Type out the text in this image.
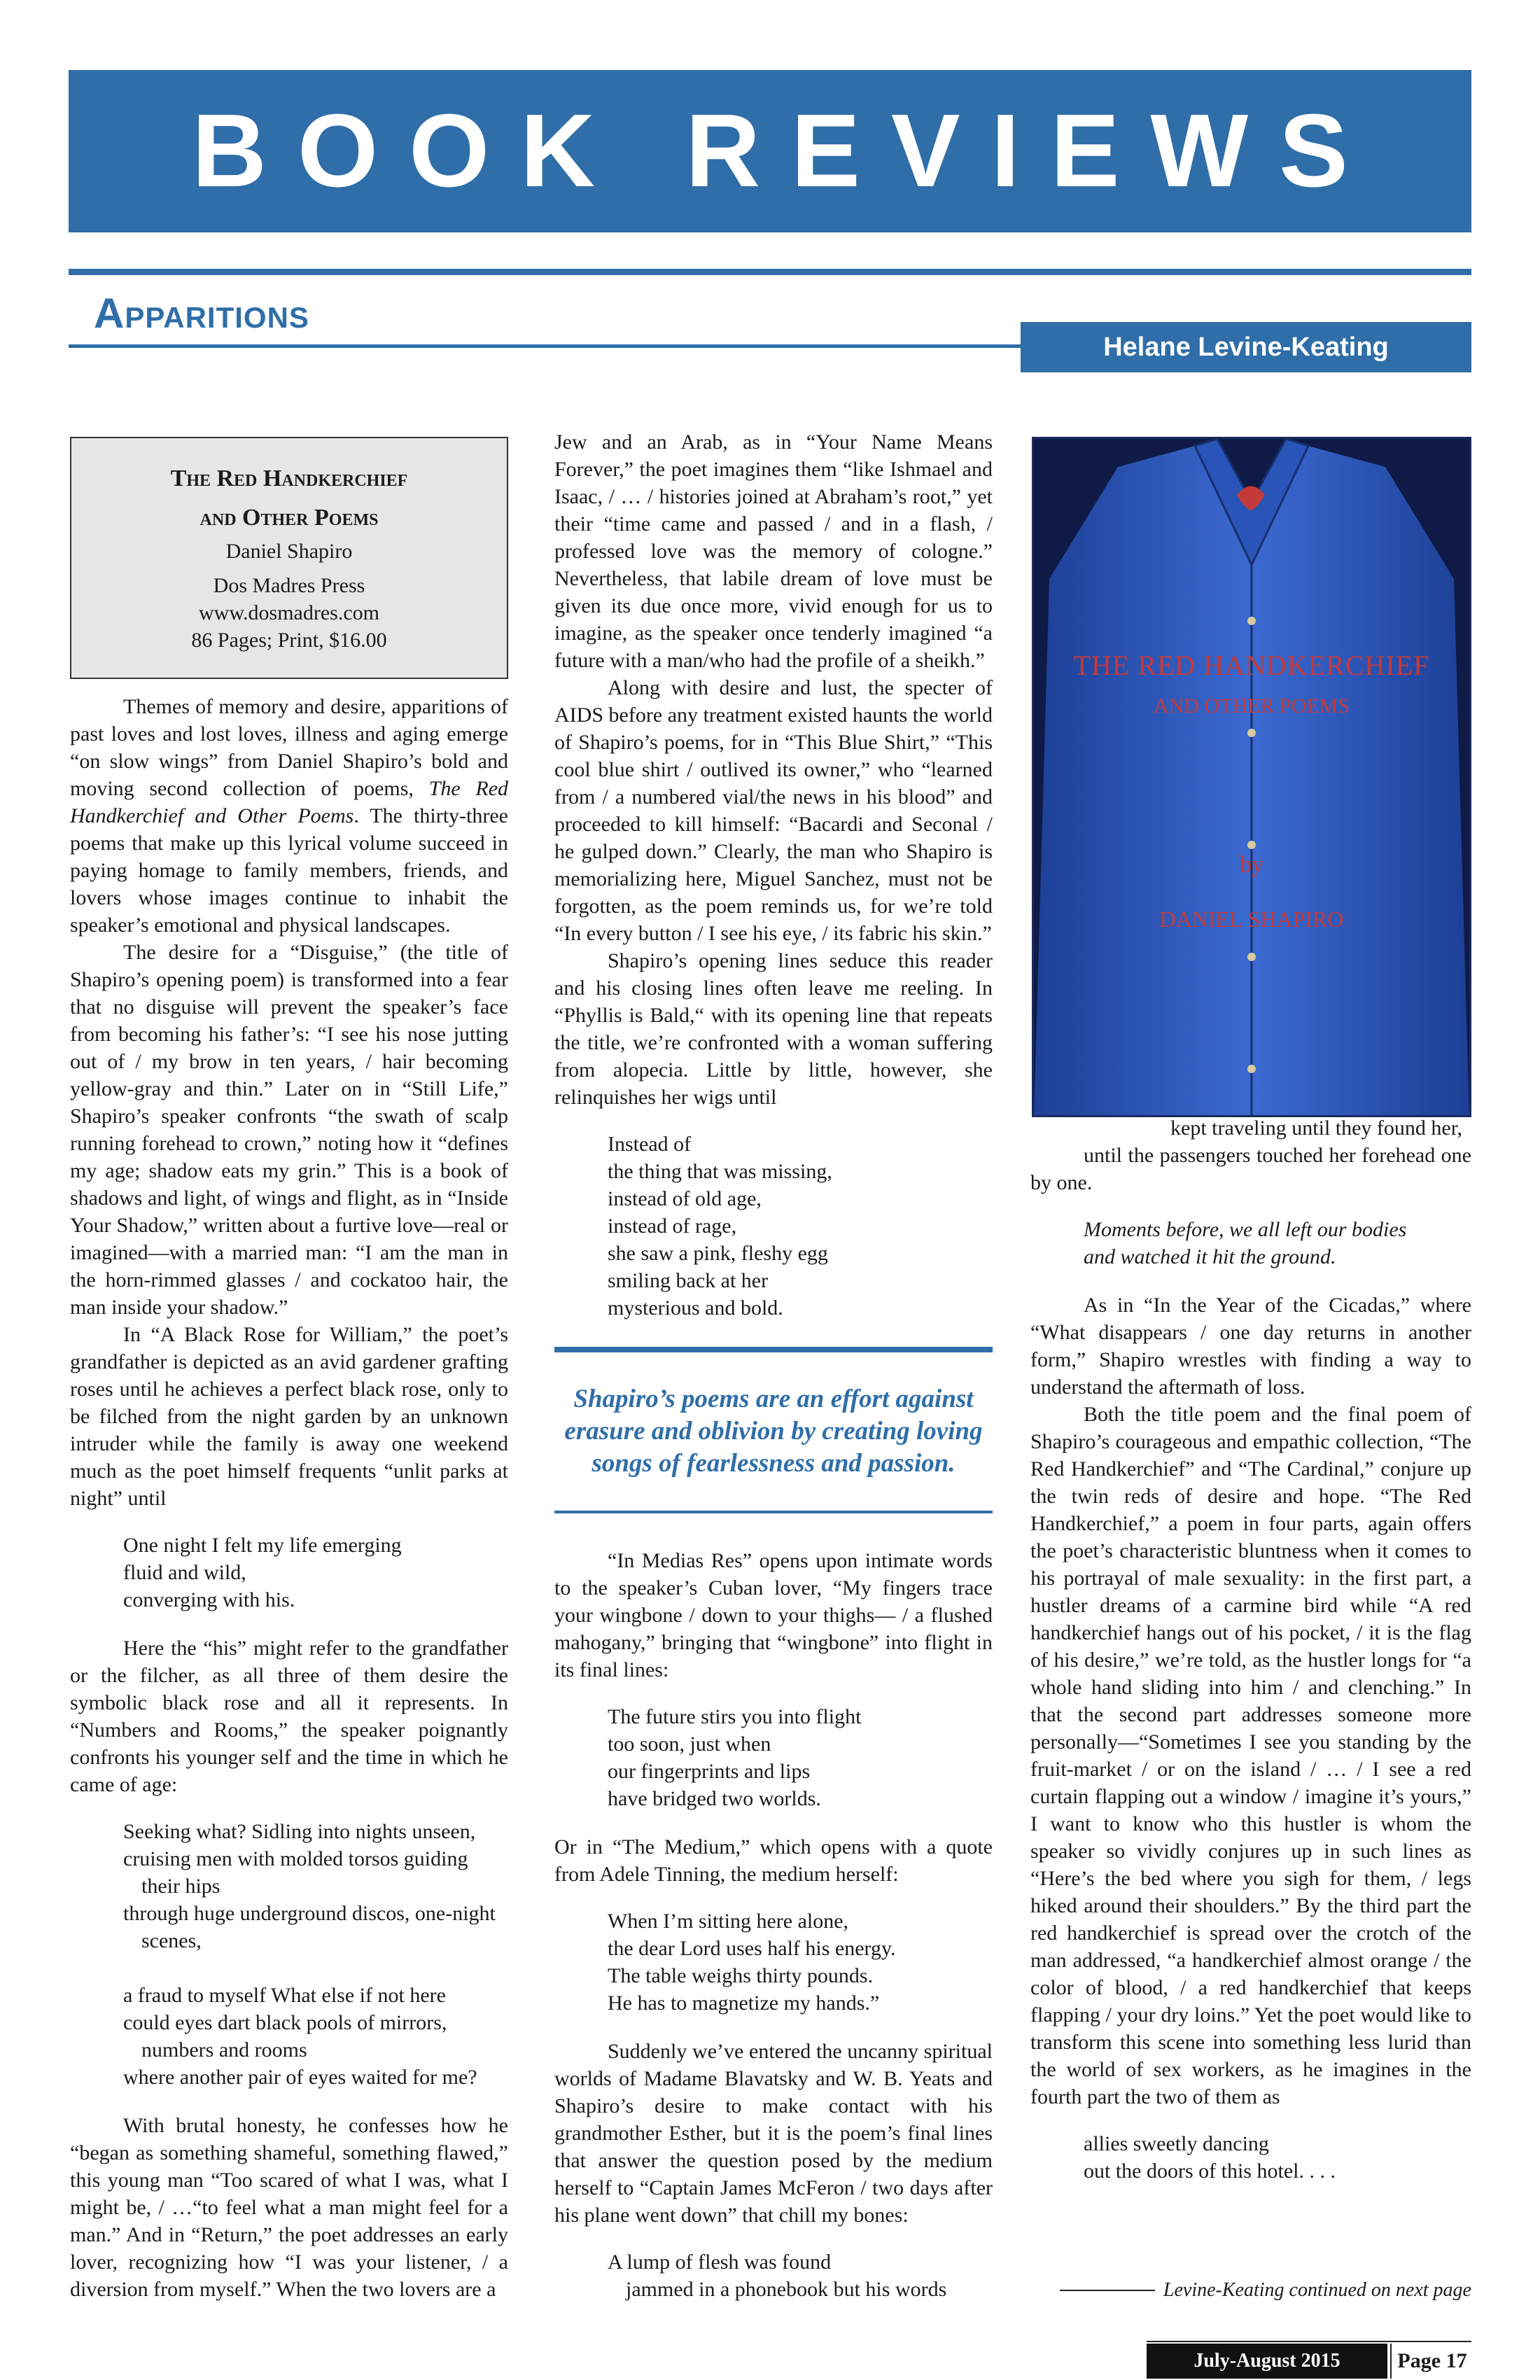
BOOK REVIEWS
Apparitions
Helane Levine-Keating
The Red Handkerchief
and Other Poems
Daniel Shapiro
Dos Madres Press
www.dosmadres.com
86 Pages; Print, $16.00

Themes of memory and desire, apparitions of past loves and lost loves, illness and aging emerge “on slow wings” from Daniel Shapiro’s bold and moving second collection of poems, The Red Handkerchief and Other Poems. The thirty-three poems that make up this lyrical volume succeed in paying homage to family members, friends, and lovers whose images continue to inhabit the speaker’s emotional and physical landscapes.

The desire for a “Disguise,” (the title of Shapiro’s opening poem) is transformed into a fear that no disguise will prevent the speaker’s face from becoming his father’s: “I see his nose jutting out of / my brow in ten years, / hair becoming yellow-gray and thin.” Later on in “Still Life,” Shapiro’s speaker confronts “the swath of scalp running forehead to crown,” noting how it “defines my age; shadow eats my grin.” This is a book of shadows and light, of wings and flight, as in “Inside Your Shadow,” written about a furtive love—real or imagined—with a married man: “I am the man in the horn-rimmed glasses / and cockatoo hair, the man inside your shadow.”

In “A Black Rose for William,” the poet’s grandfather is depicted as an avid gardener grafting roses until he achieves a perfect black rose, only to be filched from the night garden by an unknown intruder while the family is away one weekend much as the poet himself frequents “unlit parks at night” until

One night I felt my life emerging
fluid and wild,
converging with his.

Here the “his” might refer to the grandfather or the filcher, as all three of them desire the symbolic black rose and all it represents. In “Numbers and Rooms,” the speaker poignantly confronts his younger self and the time in which he came of age:

Seeking what? Sidling into nights unseen,
cruising men with molded torsos guiding
their hips
through huge underground discos, one-night
scenes,
a fraud to myself What else if not here
could eyes dart black pools of mirrors,
numbers and rooms
where another pair of eyes waited for me?

With brutal honesty, he confesses how he “began as something shameful, something flawed,” this young man “Too scared of what I was, what I might be, / …“to feel what a man might feel for a man.” And in “Return,” the poet addresses an early lover, recognizing how “I was your listener, / a diversion from myself.” When the two lovers are a

Jew and an Arab, as in “Your Name Means Forever,” the poet imagines them “like Ishmael and Isaac, / … / histories joined at Abraham’s root,” yet their “time came and passed / and in a flash, / professed love was the memory of cologne.” Nevertheless, that labile dream of love must be given its due once more, vivid enough for us to imagine, as the speaker once tenderly imagined “a future with a man/who had the profile of a sheikh.”

Along with desire and lust, the specter of AIDS before any treatment existed haunts the world of Shapiro’s poems, for in “This Blue Shirt,” “This cool blue shirt / outlived its owner,” who “learned from / a numbered vial/the news in his blood” and proceeded to kill himself: “Bacardi and Seconal / he gulped down.” Clearly, the man who Shapiro is memorializing here, Miguel Sanchez, must not be forgotten, as the poem reminds us, for we’re told “In every button / I see his eye, / its fabric his skin.”

Shapiro’s opening lines seduce this reader and his closing lines often leave me reeling. In “Phyllis is Bald,“ with its opening line that repeats the title, we’re confronted with a woman suffering from alopecia. Little by little, however, she relinquishes her wigs until

Instead of
the thing that was missing,
instead of old age,
instead of rage,
she saw a pink, fleshy egg
smiling back at her
mysterious and bold.

“In Medias Res” opens upon intimate words to the speaker’s Cuban lover, “My fingers trace your wingbone / down to your thighs— / a flushed mahogany,” bringing that “wingbone” into flight in its final lines:

The future stirs you into flight
too soon, just when
our fingerprints and lips
have bridged two worlds.

Or in “The Medium,” which opens with a quote from Adele Tinning, the medium herself:

When I’m sitting here alone,
the dear Lord uses half his energy.
The table weighs thirty pounds.
He has to magnetize my hands.”

Suddenly we’ve entered the uncanny spiritual worlds of Madame Blavatsky and W. B. Yeats and Shapiro’s desire to make contact with his grandmother Esther, but it is the poem’s final lines that answer the question posed by the medium herself to “Captain James McFeron / two days after his plane went down” that chill my bones:

A lump of flesh was found
jammed in a phonebook but his words
Shapiro’s poems are an effort against erasure and oblivion by creating loving songs of fearlessness and passion.
THE RED HANDKERCHIEF
AND OTHER POEMS
by
DANIEL SHAPIRO

kept traveling until they found her,

until the passengers touched her forehead one by one.

Moments before, we all left our bodies
and watched it hit the ground.

As in “In the Year of the Cicadas,” where “What disappears / one day returns in another form,” Shapiro wrestles with finding a way to understand the aftermath of loss.

Both the title poem and the final poem of Shapiro’s courageous and empathic collection, “The Red Handkerchief” and “The Cardinal,” conjure up the twin reds of desire and hope. “The Red Handkerchief,” a poem in four parts, again offers the poet’s characteristic bluntness when it comes to his portrayal of male sexuality: in the first part, a hustler dreams of a carmine bird while “A red handkerchief hangs out of his pocket, / it is the flag of his desire,” we’re told, as the hustler longs for “a whole hand sliding into him / and clenching.” In that the second part addresses someone more personally—“Sometimes I see you standing by the fruit-market / or on the island / … / I see a red curtain flapping out a window / imagine it’s yours,” I want to know who this hustler is whom the speaker so vividly conjures up in such lines as “Here’s the bed where you sigh for them, / legs hiked around their shoulders.” By the third part the red handkerchief is spread over the crotch of the man addressed, “a handkerchief almost orange / the color of blood, / a red handkerchief that keeps flapping / your dry loins.” Yet the poet would like to transform this scene into something less lurid than the world of sex workers, as he imagines in the fourth part the two of them as

allies sweetly dancing
out the doors of this hotel. . . .
Levine-Keating continued on next page
July-August 2015	Page 17
